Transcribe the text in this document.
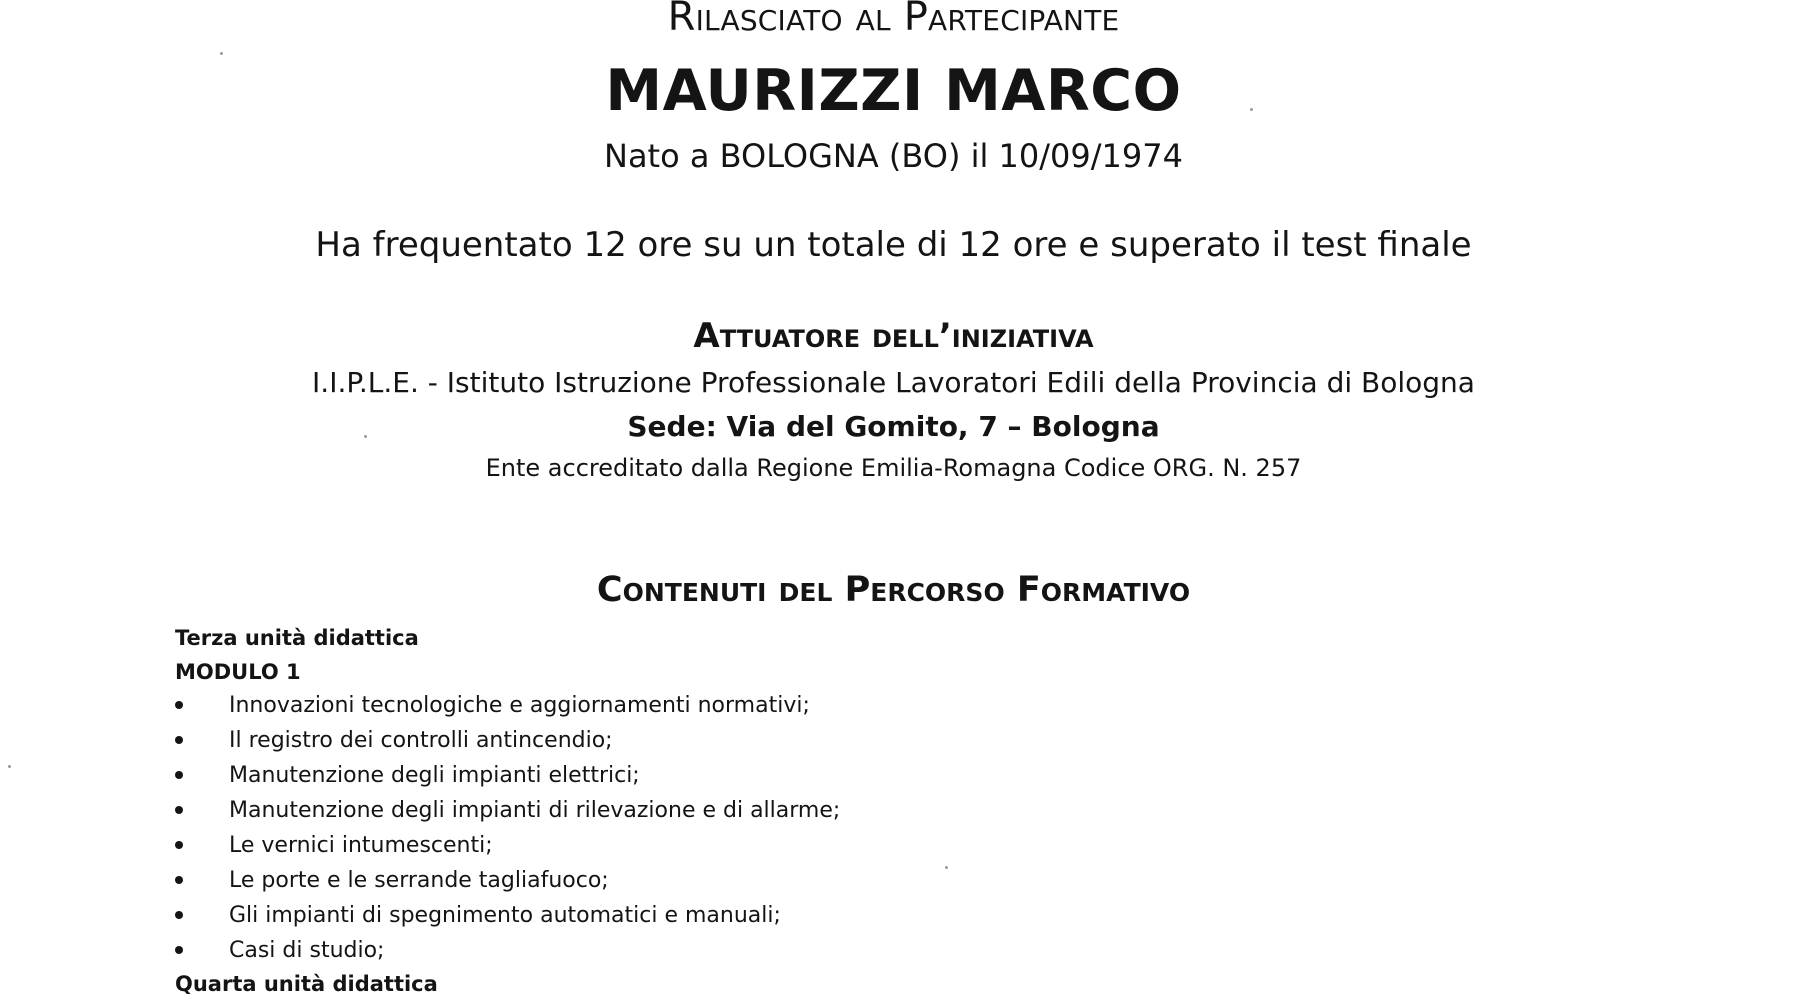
Rilasciato al Partecipante
MAURIZZI MARCO
Nato a BOLOGNA (BO) il 10/09/1974
Ha frequentato 12 ore su un totale di 12 ore e superato il test finale
Attuatore dell’iniziativa
I.I.P.L.E. - Istituto Istruzione Professionale Lavoratori Edili della Provincia di Bologna
Sede: Via del Gomito, 7 – Bologna
Ente accreditato dalla Regione Emilia-Romagna Codice ORG. N. 257
Contenuti del Percorso Formativo
Terza unità didattica
MODULO 1
Innovazioni tecnologiche e aggiornamenti normativi;
Il registro dei controlli antincendio;
Manutenzione degli impianti elettrici;
Manutenzione degli impianti di rilevazione e di allarme;
Le vernici intumescenti;
Le porte e le serrande tagliafuoco;
Gli impianti di spegnimento automatici e manuali;
Casi di studio;
Quarta unità didattica
